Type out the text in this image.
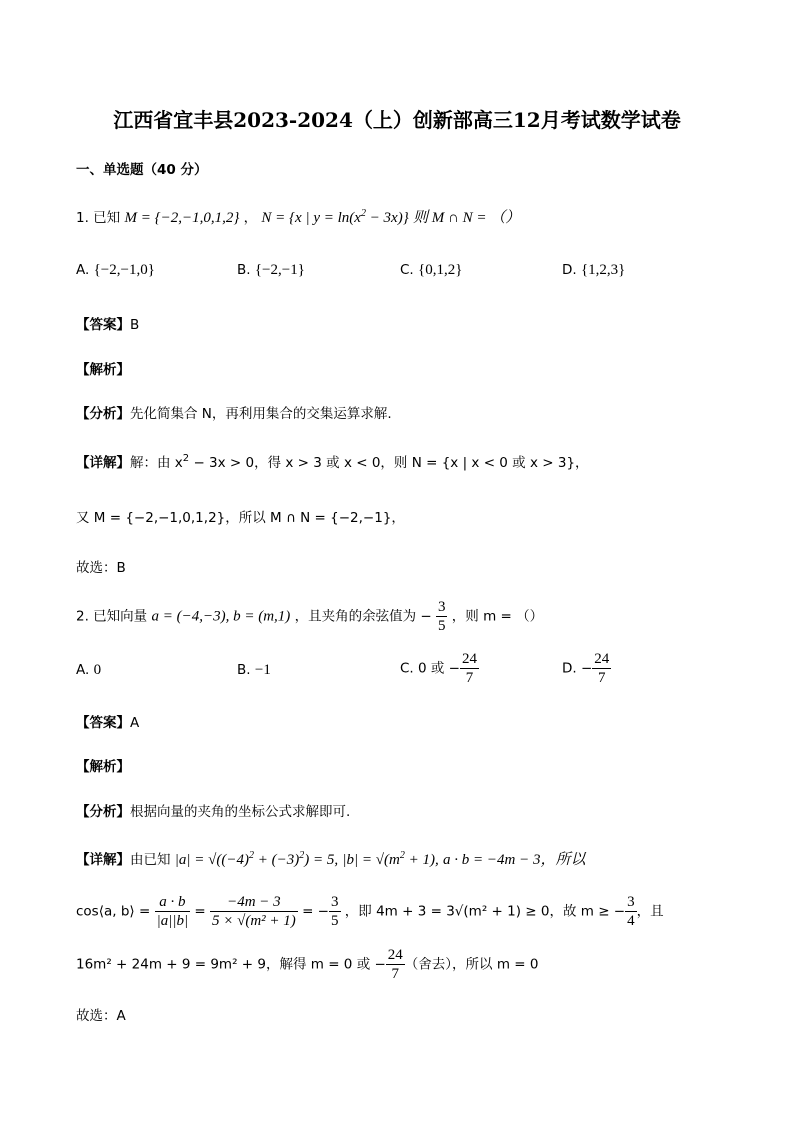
江西省宜丰县2023-2024（上）创新部高三12月考试数学试卷
一、单选题（40 分）
1. 已知 M = {−2,−1,0,1,2} ， N = {x | $y = \ln(x^2 - 3x)$} 则 M ∩ N = （）
A. {−2,−1,0}	B. {−2,−1}	C. {0,1,2}	D. {1,2,3}
【答案】B
【解析】
【分析】先化简集合 N，再利用集合的交集运算求解.
【详解】解：由 $x^2 - 3x > 0$，得 x > 3 或 x < 0，则 N = {x | x < 0 或 x > 3}，
又 M = {−2,−1,0,1,2}，所以 M ∩ N = {−2,−1}，
故选：B
2. 已知向量 a = (−4,−3), b = (m,1) ，且夹角的余弦值为 − $\frac{3}{5}$ ，则 m = （）
A. 0	B. −1	C. 0 或 − $\frac{24}{7}$	D. − $\frac{24}{7}$
【答案】A
【解析】
【分析】根据向量的夹角的坐标公式求解即可.
【详解】由已知 $|a| = √((-4)^2 + (-3)^2) = 5$, $|b| = √(m^2 + 1)$, a · b = −4m − 3，所以
cos⟨a, b⟩ = $\frac{a \cdot b}{|a||b|} = \frac{-4m - 3}{\text{5 × √(m² + 1)}}$ = − $\frac{3}{5}$ ，即 4m + 3 = 3√(m² + 1) ≥ 0，故 m ≥ − $\frac{3}{4}$ ，且
16m² + 24m + 9 = 9m² + 9，解得 m = 0 或 − $\frac{24}{7}$ （舍去），所以 m = 0
故选：A
